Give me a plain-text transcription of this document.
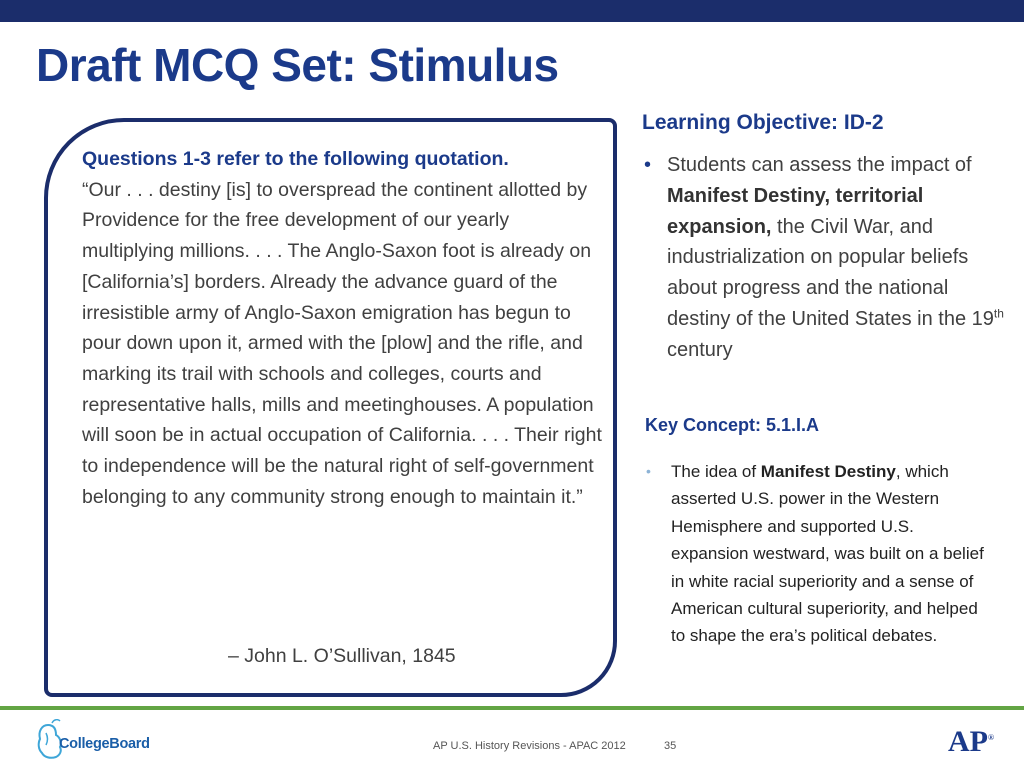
Draft MCQ Set: Stimulus
Questions 1-3 refer to the following quotation.
“Our . . . destiny [is] to overspread the continent allotted by Providence for the free development of our yearly multiplying millions. . . . The Anglo-Saxon foot is already on [California’s] borders. Already the advance guard of the irresistible army of Anglo-Saxon emigration has begun to pour down upon it, armed with the [plow] and the rifle, and marking its trail with schools and colleges, courts and representative halls, mills and meetinghouses. A population will soon be in actual occupation of California. . . . Their right to independence will be the natural right of self-government belonging to any community strong enough to maintain it.”
– John L. O’Sullivan, 1845
Learning Objective: ID-2
• Students can assess the impact of Manifest Destiny, territorial expansion, the Civil War, and industrialization on popular beliefs about progress and the national destiny of the United States in the 19th century
Key Concept: 5.1.I.A
• The idea of Manifest Destiny, which asserted U.S. power in the Western Hemisphere and supported U.S. expansion westward, was built on a belief in white racial superiority and a sense of American cultural superiority, and helped to shape the era’s political debates.
CollegeBoard	AP U.S. History Revisions - APAC 2012	35	AP®
